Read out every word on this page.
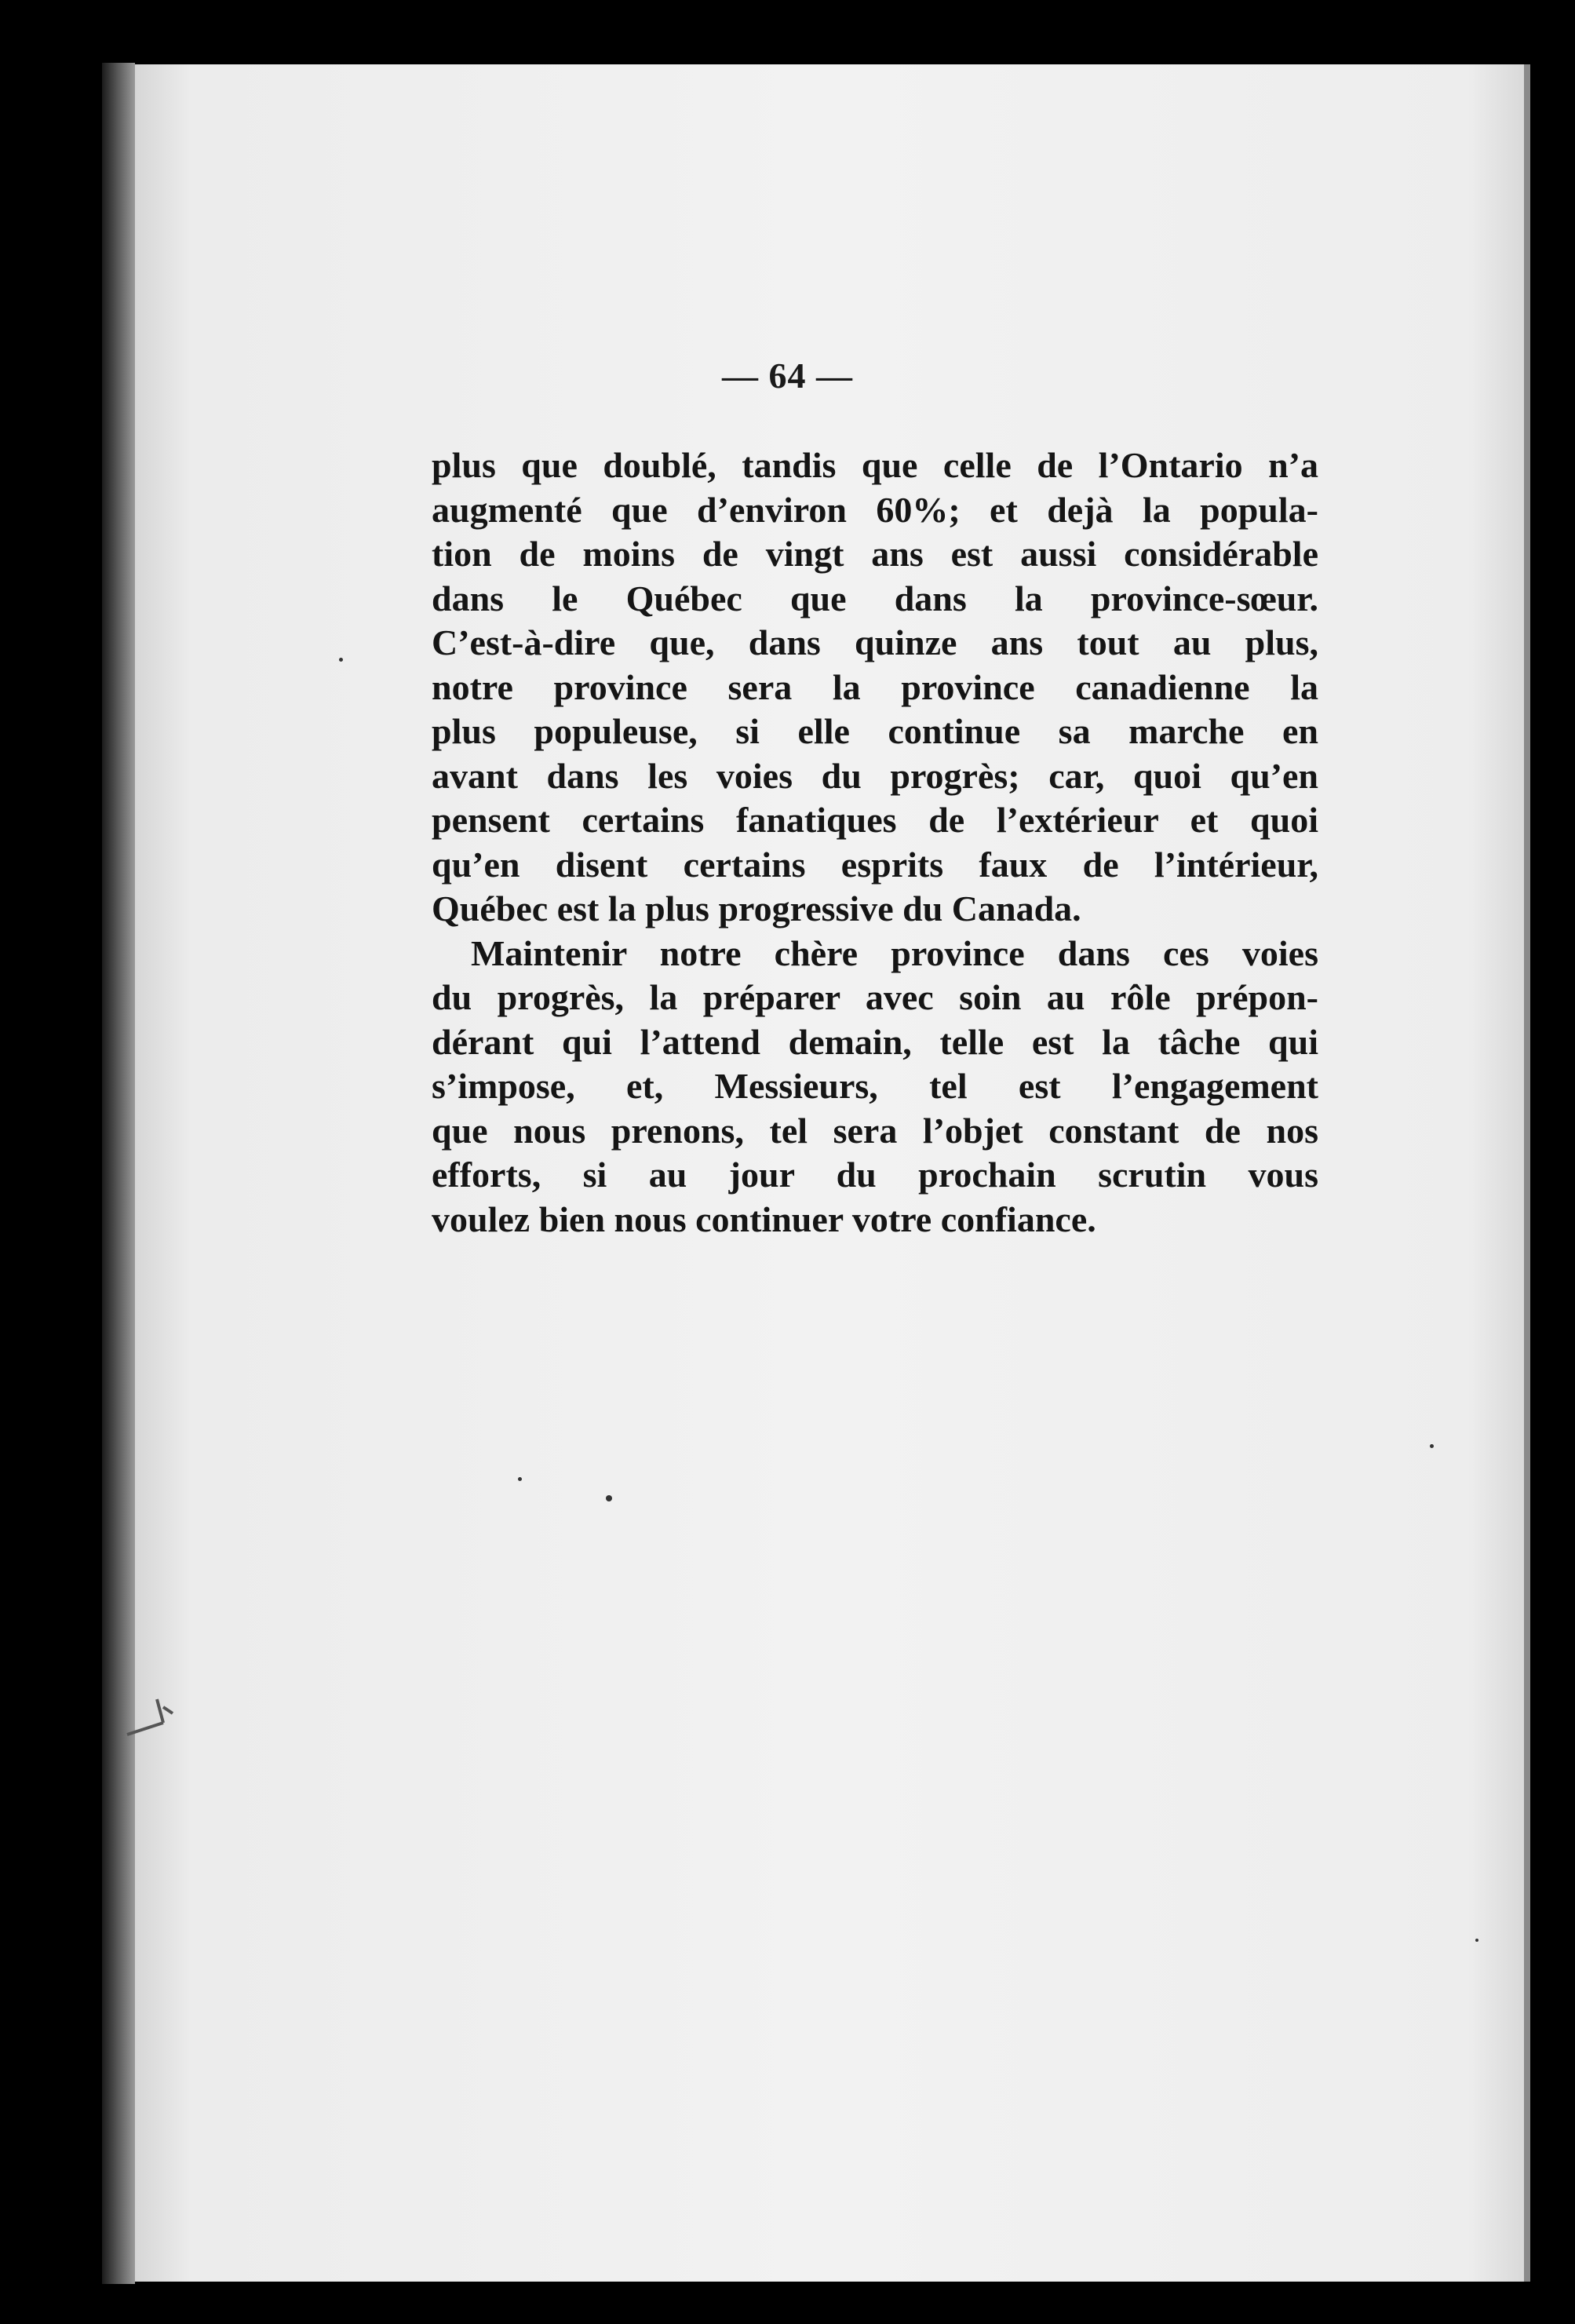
— 64 —
plus que doublé, tandis que celle de l’Ontario n’a
augmenté que d’environ 60%; et dejà la popula-
tion de moins de vingt ans est aussi considérable
dans le Québec que dans la province-sœur.
C’est-à-dire que, dans quinze ans tout au plus,
notre province sera la province canadienne la
plus populeuse, si elle continue sa marche en
avant dans les voies du progrès; car, quoi qu’en
pensent certains fanatiques de l’extérieur et quoi
qu’en disent certains esprits faux de l’intérieur,
Québec est la plus progressive du Canada.
Maintenir notre chère province dans ces voies
du progrès, la préparer avec soin au rôle prépon-
dérant qui l’attend demain, telle est la tâche qui
s’impose, et, Messieurs, tel est l’engagement
que nous prenons, tel sera l’objet constant de nos
efforts, si au jour du prochain scrutin vous
voulez bien nous continuer votre confiance.
